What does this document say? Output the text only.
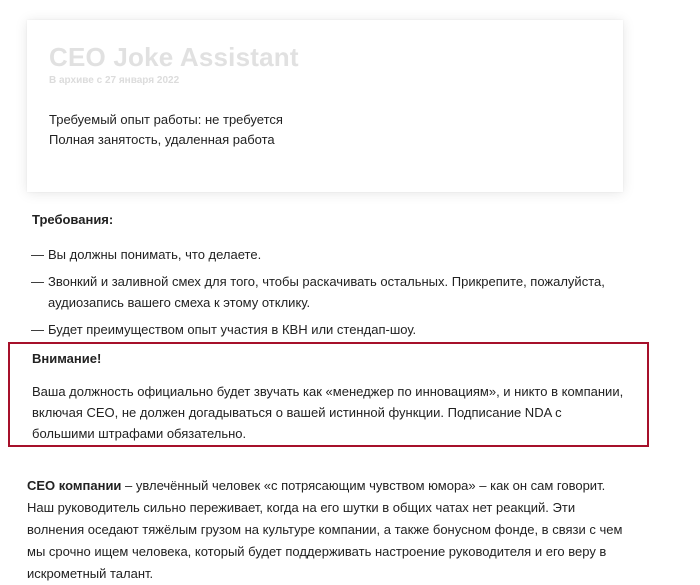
CEO Joke Assistant
В архиве с 27 января 2022
Требуемый опыт работы: не требуется
Полная занятость, удаленная работа
Требования:
— Вы должны понимать, что делаете.
— Звонкий и заливной смех для того, чтобы раскачивать остальных. Прикрепите, пожалуйста, аудиозапись вашего смеха к этому отклику.
— Будет преимуществом опыт участия в КВН или стендап-шоу.
Внимание!
Ваша должность официально будет звучать как «менеджер по инновациям», и никто в компании, включая CEO, не должен догадываться о вашей истинной функции. Подписание NDA с большими штрафами обязательно.

CEO компании – увлечённый человек «с потрясающим чувством юмора» – как он сам говорит. Наш руководитель сильно переживает, когда на его шутки в общих чатах нет реакций. Эти волнения оседают тяжёлым грузом на культуре компании, а также бонусном фонде, в связи с чем мы срочно ищем человека, который будет поддерживать настроение руководителя и его веру в искрометный талант.
